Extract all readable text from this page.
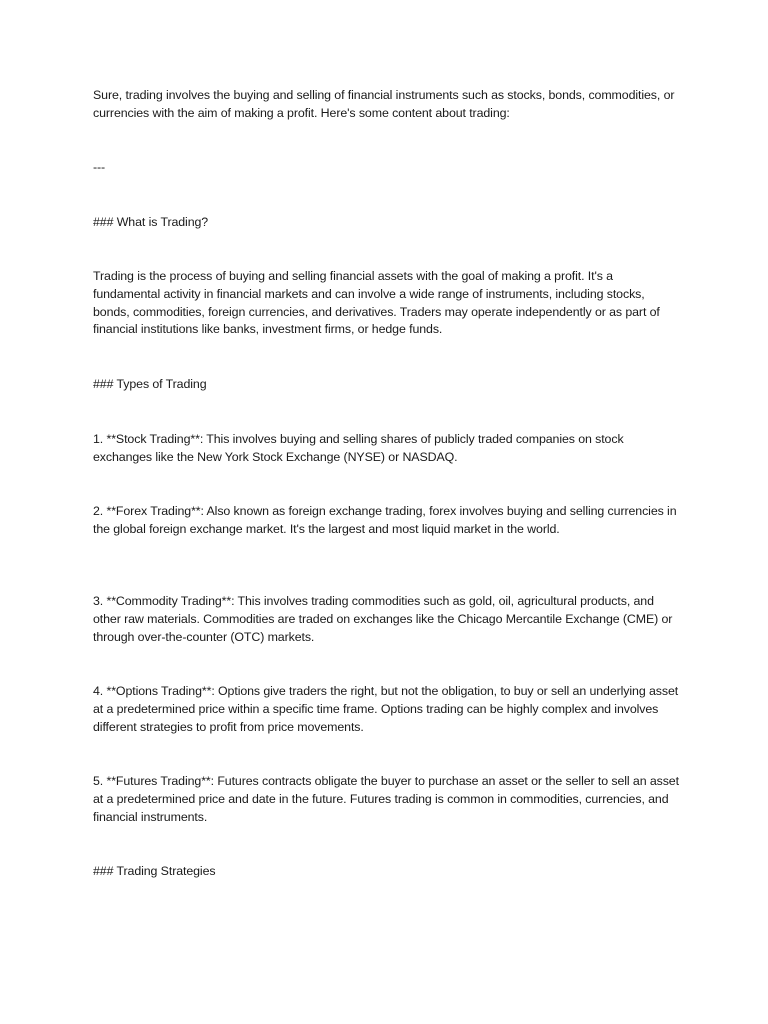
Sure, trading involves the buying and selling of financial instruments such as stocks, bonds, commodities, or currencies with the aim of making a profit. Here's some content about trading:

---

### What is Trading?

Trading is the process of buying and selling financial assets with the goal of making a profit. It's a fundamental activity in financial markets and can involve a wide range of instruments, including stocks, bonds, commodities, foreign currencies, and derivatives. Traders may operate independently or as part of financial institutions like banks, investment firms, or hedge funds.

### Types of Trading

1. **Stock Trading**: This involves buying and selling shares of publicly traded companies on stock exchanges like the New York Stock Exchange (NYSE) or NASDAQ.

2. **Forex Trading**: Also known as foreign exchange trading, forex involves buying and selling currencies in the global foreign exchange market. It's the largest and most liquid market in the world.

3. **Commodity Trading**: This involves trading commodities such as gold, oil, agricultural products, and other raw materials. Commodities are traded on exchanges like the Chicago Mercantile Exchange (CME) or through over-the-counter (OTC) markets.

4. **Options Trading**: Options give traders the right, but not the obligation, to buy or sell an underlying asset at a predetermined price within a specific time frame. Options trading can be highly complex and involves different strategies to profit from price movements.

5. **Futures Trading**: Futures contracts obligate the buyer to purchase an asset or the seller to sell an asset at a predetermined price and date in the future. Futures trading is common in commodities, currencies, and financial instruments.

### Trading Strategies
